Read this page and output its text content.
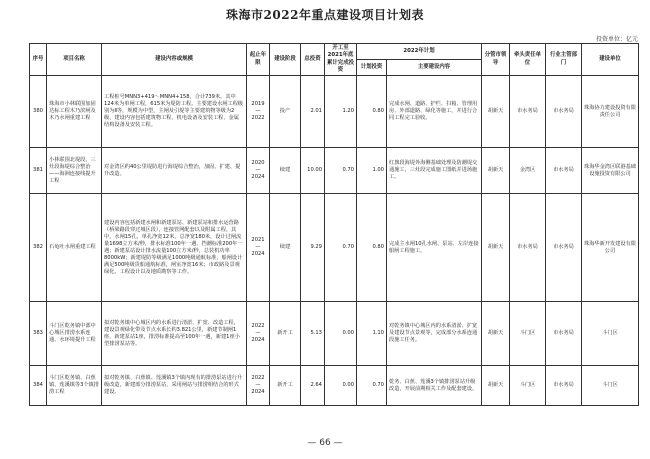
珠海市2022年重点建设项目计划表
投资单位：亿元
序号	项目名称	建设内容或规模	起止年限	建设阶段	总投资	开工至2021年底累计完成投资	2022年计划		分管市领导	牵头责任单位	行业主管部门	建设单位
							计划投资	主要建设内容				
380	珠海市小林联围加固达标工程木乃滨闸及木乃水闸重建工程	工程桩号MNN3+419～MNN4+158，合计739米，其中124米为单闸工程，615米为堤防工程。主要建设水闸工程级别为Ⅱ等，规模为中型，主闸及引堤等主要建筑物等级为2级，建设内容包括建筑物工程、机电设备及安装工程、金属结构设备及安装工程。	2019—2022	投产	2.01	1.20	0.80	完成水闸、道路、护栏、扫箱、管理用房、外部道路、绿化等施工，并进行合同工程完工验收。	胡新天	市水务局	市水务局	珠海协力建设投资有限责任公司
381	小林联围北堤段、三灶段海堤综合整治——海洲连接线提升工程	对金湾区约40公里堤防进行海堤综合整治，加固、扩建、提升改造。	2020—2024	续建	10.00	0.70	1.00	红旗段海堤外海侧基础处理及防潮堤交通施工，三灶段完成施工图纸并进场施工。	胡新天	金湾区	市水务局	珠海华金湾区联港基础设施投资有限公司
382	石龟吐水闸重建工程	建设内容包括新建水闸和新建泵站、新建泵站和排水运营路（桥梁路段穿过城区段），连接管网配套以及附属工程。其中，水闸15孔，单孔净宽12米，总净宽180米，设计过闸流量1698立方米/秒，排水标准100年一遇，挡潮标准200年一遇；新建泵站设计排水流量100立方米/秒，总装机功率8000kW；新建堤防等级满足1000吨级通航标准，船闸设计满足500吨级货船通航标准，闸室净宽16米；市政路及景观绿化、工程设计以及地质勘察等工作。	2021—2024	续建	9.29	0.70	0.80	完成主水闸10孔水闸、泵站、左岸连接船闸工程施工。	胡新天	市水务局	市水务局	珠海华新开发建设有限公司
383	斗门区乾务镇中部中心城区排涝水系连通、水环境提升工程	拟对乾务镇中心城区内的水系进行清淤、扩宽、改造工程，建设景观绿化带及节点水系长约3.821公里，新建节制闸1座，新建泵站1座，排涝标准提高至100年一遇，新建1座小型排涝泵站等。	2022—2024	新开工	5.13	0.00	1.10	对乾务镇中心城区内的水系清淤、扩宽及建设节点景观等，完成部分水系连通段施工任务。	胡新天	斗门区	市水务局	斗门区
384	斗门区乾务镇、白蕉镇、莲溪镇等3个镇排涝工程	拟对乾务镇、白蕉镇、莲溪镇3个镇内现有的排涝泵站进行升级改造，新建部分排涝泵站，采用闸站与排涝相结合的形式建设。	2022—2024	新开工	2.64	0.00	0.70	乾务、白蕉、莲溪3个镇排涝泵站升级改造，开展前期相关工作及配套建设。	胡新天	斗门区	市水务局	斗门区
— 66 —
